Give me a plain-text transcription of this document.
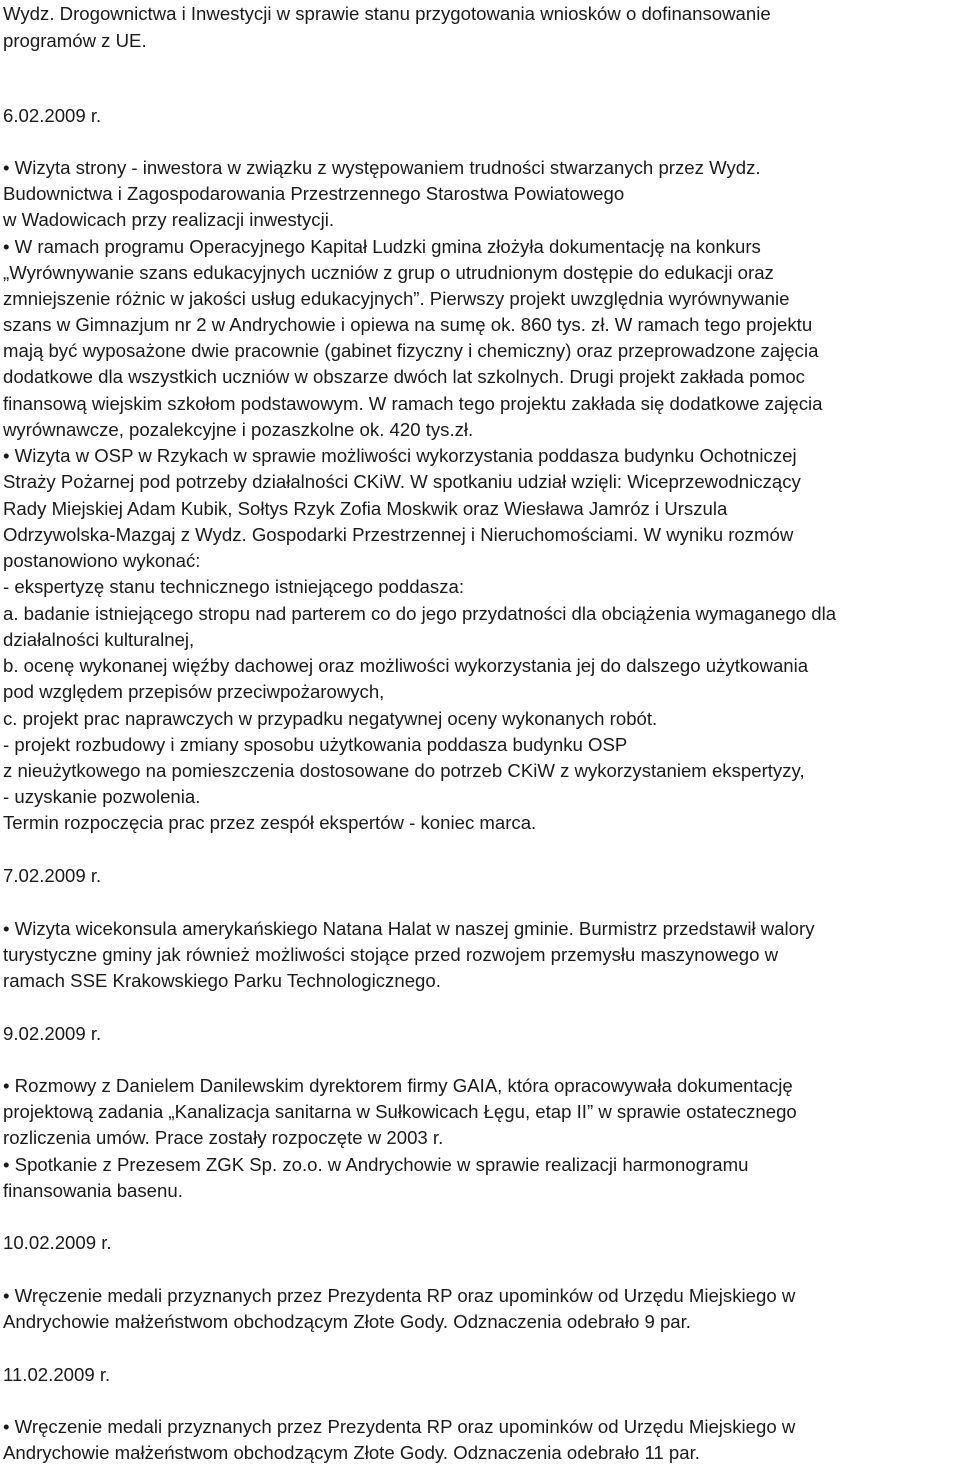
Wydz. Drogownictwa i Inwestycji w sprawie stanu przygotowania wniosków o dofinansowanie
programów z UE.
6.02.2009 r.
• Wizyta strony - inwestora w związku z występowaniem trudności stwarzanych przez Wydz.
Budownictwa i Zagospodarowania Przestrzennego Starostwa Powiatowego
w Wadowicach przy realizacji inwestycji.
• W ramach programu Operacyjnego Kapitał Ludzki gmina złożyła dokumentację na konkurs
„Wyrównywanie szans edukacyjnych uczniów z grup o utrudnionym dostępie do edukacji oraz
zmniejszenie różnic w jakości usług edukacyjnych”. Pierwszy projekt uwzględnia wyrównywanie
szans w Gimnazjum nr 2 w Andrychowie i opiewa na sumę ok. 860 tys. zł. W ramach tego projektu
mają być wyposażone dwie pracownie (gabinet fizyczny i chemiczny) oraz przeprowadzone zajęcia
dodatkowe dla wszystkich uczniów w obszarze dwóch lat szkolnych. Drugi projekt zakłada pomoc
finansową wiejskim szkołom podstawowym. W ramach tego projektu zakłada się dodatkowe zajęcia
wyrównawcze, pozalekcyjne i pozaszkolne ok. 420 tys.zł.
• Wizyta w OSP w Rzykach w sprawie możliwości wykorzystania poddasza budynku Ochotniczej
Straży Pożarnej pod potrzeby działalności CKiW. W spotkaniu udział wzięli: Wiceprzewodniczący
Rady Miejskiej Adam Kubik, Sołtys Rzyk Zofia Moskwik oraz Wiesława Jamróz i Urszula
Odrzywolska-Mazgaj z Wydz. Gospodarki Przestrzennej i Nieruchomościami. W wyniku rozmów
postanowiono wykonać:
- ekspertyzę stanu technicznego istniejącego poddasza:
a. badanie istniejącego stropu nad parterem co do jego przydatności dla obciążenia wymaganego dla
działalności kulturalnej,
b. ocenę wykonanej więźby dachowej oraz możliwości wykorzystania jej do dalszego użytkowania
pod względem przepisów przeciwpożarowych,
c. projekt prac naprawczych w przypadku negatywnej oceny wykonanych robót.
- projekt rozbudowy i zmiany sposobu użytkowania poddasza budynku OSP
z nieużytkowego na pomieszczenia dostosowane do potrzeb CKiW z wykorzystaniem ekspertyzy,
- uzyskanie pozwolenia.
Termin rozpoczęcia prac przez zespół ekspertów - koniec marca.
7.02.2009 r.
• Wizyta wicekonsula amerykańskiego Natana Halat w naszej gminie. Burmistrz przedstawił walory
turystyczne gminy jak również możliwości stojące przed rozwojem przemysłu maszynowego w
ramach SSE Krakowskiego Parku Technologicznego.
9.02.2009 r.
• Rozmowy z Danielem Danilewskim dyrektorem firmy GAIA, która opracowywała dokumentację
projektową zadania „Kanalizacja sanitarna w Sułkowicach Łęgu, etap II” w sprawie ostatecznego
rozliczenia umów. Prace zostały rozpoczęte w 2003 r.
• Spotkanie z Prezesem ZGK Sp. zo.o. w Andrychowie w sprawie realizacji harmonogramu
finansowania basenu.
10.02.2009 r.
• Wręczenie medali przyznanych przez Prezydenta RP oraz upominków od Urzędu Miejskiego w
Andrychowie małżeństwom obchodzącym Złote Gody. Odznaczenia odebrało 9 par.
11.02.2009 r.
• Wręczenie medali przyznanych przez Prezydenta RP oraz upominków od Urzędu Miejskiego w
Andrychowie małżeństwom obchodzącym Złote Gody. Odznaczenia odebrało 11 par.
